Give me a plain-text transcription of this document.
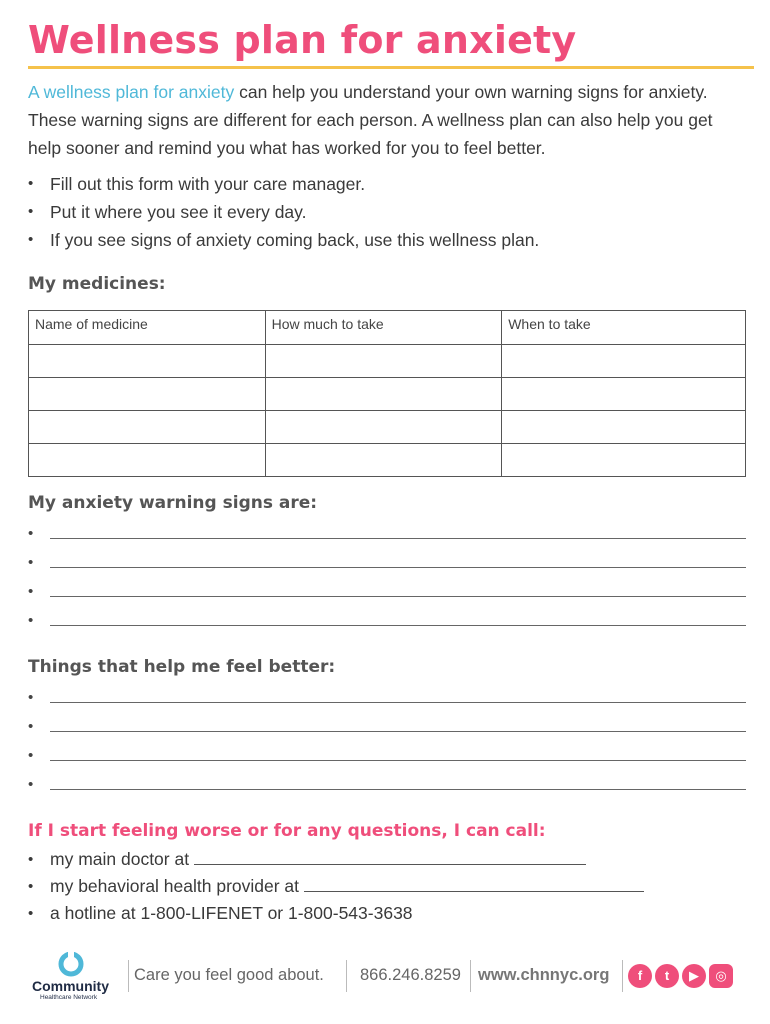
Wellness plan for anxiety

A wellness plan for anxiety can help you understand your own warning signs for anxiety. These warning signs are different for each person. A wellness plan can also help you get help sooner and remind you what has worked for you to feel better.

• Fill out this form with your care manager.
• Put it where you see it every day.
• If you see signs of anxiety coming back, use this wellness plan.
My medicines:
Name of medicine	How much to take	When to take

My anxiety warning signs are:
•
•
•
•
Things that help me feel better:
•
•
•
•
If I start feeling worse or for any questions, I can call:
• my main doctor at
• my behavioral health provider at
• a hotline at 1-800-LIFENET or 1-800-543-3638
Community
Healthcare Network
Care you feel good about. 866.246.8259 www.chnnyc.org	f	t	▶	◎
